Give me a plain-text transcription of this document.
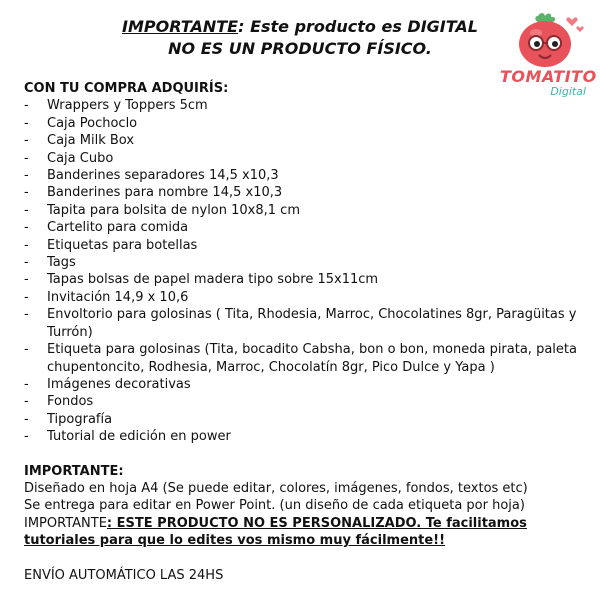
IMPORTANTE: Este producto es DIGITAL
NO ES UN PRODUCTO FÍSICO.
TOMATITO
Digital
CON TU COMPRA ADQUIRÍS:
- Wrappers y Toppers 5cm
- Caja Pochoclo
- Caja Milk Box
- Caja Cubo
- Banderines separadores 14,5 x10,3
- Banderines para nombre 14,5 x10,3
- Tapita para bolsita de nylon 10x8,1 cm
- Cartelito para comida
- Etiquetas para botellas
- Tags
- Tapas bolsas de papel madera tipo sobre 15x11cm
- Invitación 14,9 x 10,6
- Envoltorio para golosinas ( Tita, Rhodesia, Marroc, Chocolatines 8gr, Paragüitas y Turrón)
- Etiqueta para golosinas (Tita, bocadito Cabsha, bon o bon, moneda pirata, paleta chupentoncito, Rodhesia, Marroc, Chocolatín 8gr, Pico Dulce y Yapa )
- Imágenes decorativas
- Fondos
- Tipografía
- Tutorial de edición en power
IMPORTANTE:
Diseñado en hoja A4 (Se puede editar, colores, imágenes, fondos, textos etc)
Se entrega para editar en Power Point. (un diseño de cada etiqueta por hoja)
IMPORTANTE: ESTE PRODUCTO NO ES PERSONALIZADO. Te facilitamos
tutoriales para que lo edites vos mismo muy fácilmente!!
ENVÍO AUTOMÁTICO LAS 24HS
